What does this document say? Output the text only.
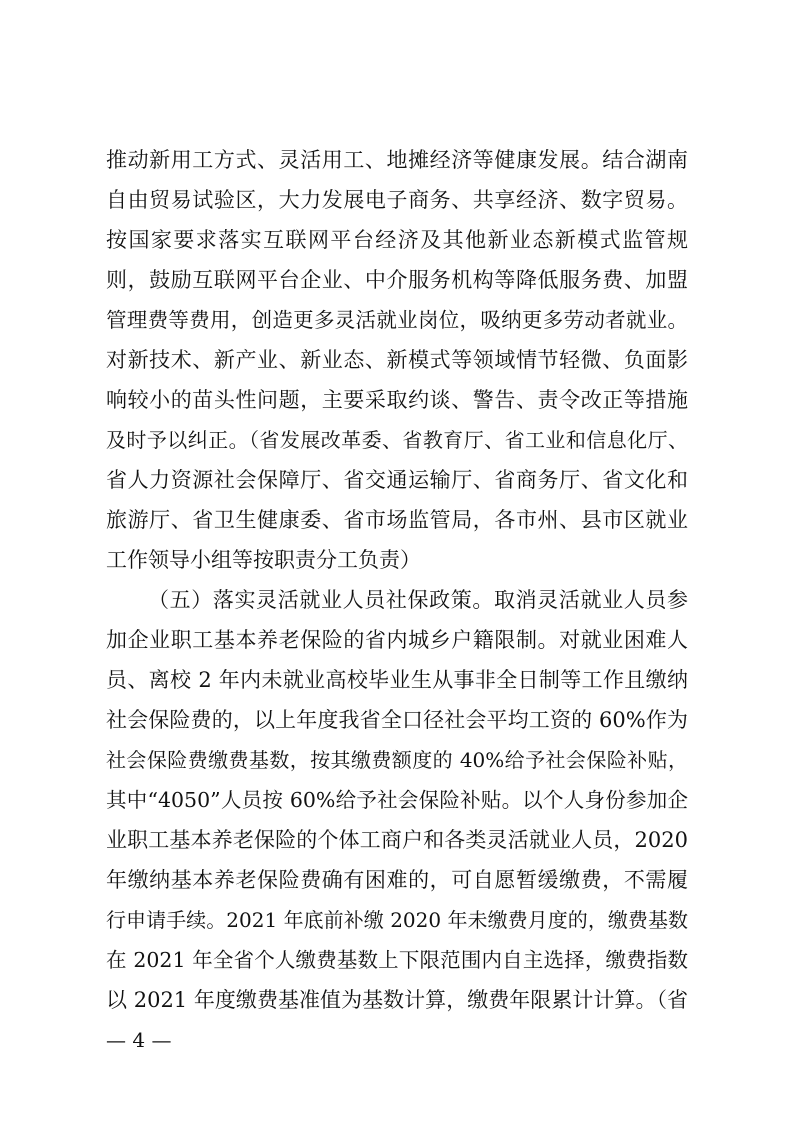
推动新用工方式、灵活用工、地摊经济等健康发展。结合湖南
自由贸易试验区，大力发展电子商务、共享经济、数字贸易。
按国家要求落实互联网平台经济及其他新业态新模式监管规
则，鼓励互联网平台企业、中介服务机构等降低服务费、加盟
管理费等费用，创造更多灵活就业岗位，吸纳更多劳动者就业。
对新技术、新产业、新业态、新模式等领域情节轻微、负面影
响较小的苗头性问题，主要采取约谈、警告、责令改正等措施
及时予以纠正。（省发展改革委、省教育厅、省工业和信息化厅、
省人力资源社会保障厅、省交通运输厅、省商务厅、省文化和
旅游厅、省卫生健康委、省市场监管局，各市州、县市区就业
工作领导小组等按职责分工负责）
（五）落实灵活就业人员社保政策。取消灵活就业人员参
加企业职工基本养老保险的省内城乡户籍限制。对就业困难人
员、离校 2 年内未就业高校毕业生从事非全日制等工作且缴纳
社会保险费的，以上年度我省全口径社会平均工资的 60%作为
社会保险费缴费基数，按其缴费额度的 40%给予社会保险补贴，
其中“4050”人员按 60%给予社会保险补贴。以个人身份参加企
业职工基本养老保险的个体工商户和各类灵活就业人员，2020
年缴纳基本养老保险费确有困难的，可自愿暂缓缴费，不需履
行申请手续。2021 年底前补缴 2020 年未缴费月度的，缴费基数
在 2021 年全省个人缴费基数上下限范围内自主选择，缴费指数
以 2021 年度缴费基准值为基数计算，缴费年限累计计算。（省
— 4 —
